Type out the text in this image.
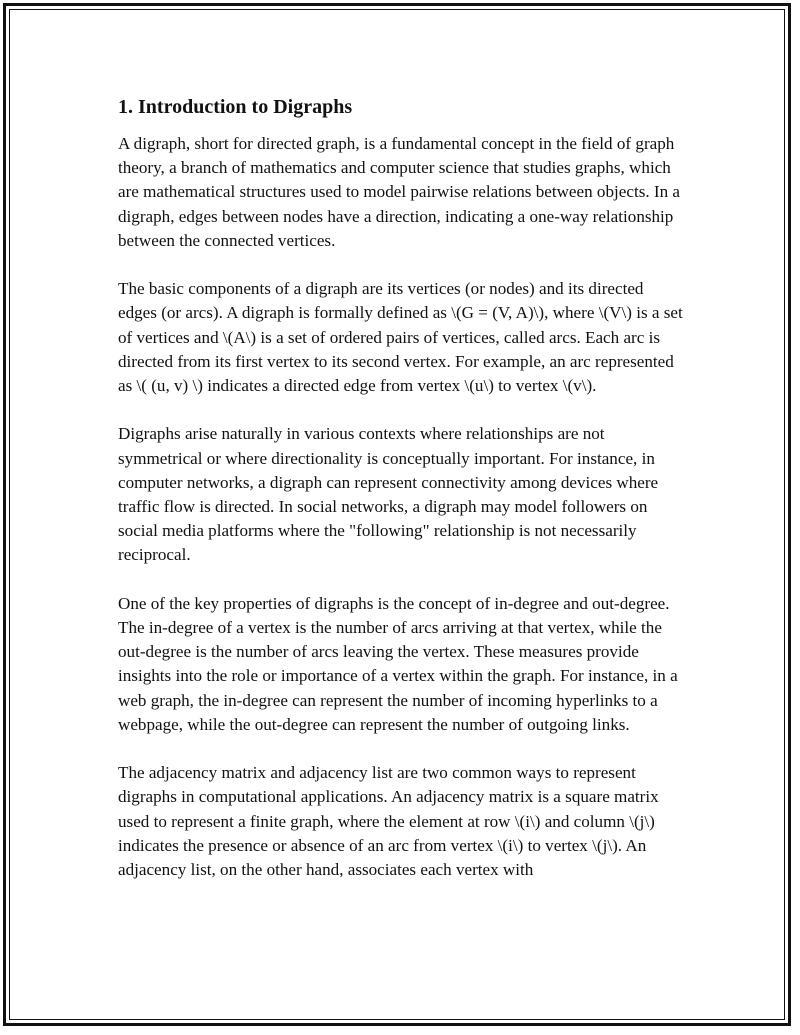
1. Introduction to Digraphs

A digraph, short for directed graph, is a fundamental concept in the field of graph theory, a branch of mathematics and computer science that studies graphs, which are mathematical structures used to model pairwise relations between objects. In a digraph, edges between nodes have a direction, indicating a one-way relationship between the connected vertices.

The basic components of a digraph are its vertices (or nodes) and its directed edges (or arcs). A digraph is formally defined as \(G = (V, A)\), where \(V\) is a set of vertices and \(A\) is a set of ordered pairs of vertices, called arcs. Each arc is directed from its first vertex to its second vertex. For example, an arc represented as \( (u, v) \) indicates a directed edge from vertex \(u\) to vertex \(v\).

Digraphs arise naturally in various contexts where relationships are not symmetrical or where directionality is conceptually important. For instance, in computer networks, a digraph can represent connectivity among devices where traffic flow is directed. In social networks, a digraph may model followers on social media platforms where the "following" relationship is not necessarily reciprocal.

One of the key properties of digraphs is the concept of in-degree and out-degree. The in-degree of a vertex is the number of arcs arriving at that vertex, while the out-degree is the number of arcs leaving the vertex. These measures provide insights into the role or importance of a vertex within the graph. For instance, in a web graph, the in-degree can represent the number of incoming hyperlinks to a webpage, while the out-degree can represent the number of outgoing links.

The adjacency matrix and adjacency list are two common ways to represent digraphs in computational applications. An adjacency matrix is a square matrix used to represent a finite graph, where the element at row \(i\) and column \(j\) indicates the presence or absence of an arc from vertex \(i\) to vertex \(j\). An adjacency list, on the other hand, associates each vertex with
